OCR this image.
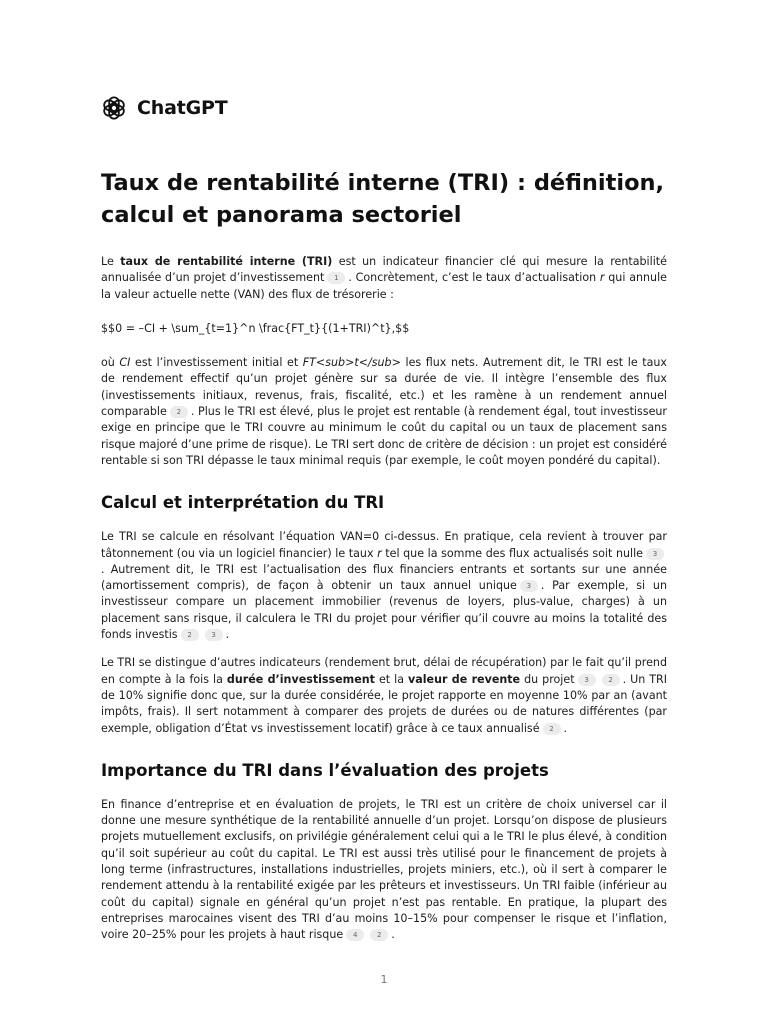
ChatGPT
Taux de rentabilité interne (TRI) : définition, calcul et panorama sectoriel

Le taux de rentabilité interne (TRI) est un indicateur financier clé qui mesure la rentabilité annualisée d’un projet d’investissement 1 . Concrètement, c’est le taux d’actualisation r qui annule la valeur actuelle nette (VAN) des flux de trésorerie :

$$0 = –CI + \sum_{t=1}^n \frac{FT_t}{(1+TRI)^t},$$

où CI est l’investissement initial et FT<sub>t</sub> les flux nets. Autrement dit, le TRI est le taux de rendement effectif qu’un projet génère sur sa durée de vie. Il intègre l’ensemble des flux (investissements initiaux, revenus, frais, fiscalité, etc.) et les ramène à un rendement annuel comparable 2 . Plus le TRI est élevé, plus le projet est rentable (à rendement égal, tout investisseur exige en principe que le TRI couvre au minimum le coût du capital ou un taux de placement sans risque majoré d’une prime de risque). Le TRI sert donc de critère de décision : un projet est considéré rentable si son TRI dépasse le taux minimal requis (par exemple, le coût moyen pondéré du capital).

Calcul et interprétation du TRI

Le TRI se calcule en résolvant l’équation VAN=0 ci-dessus. En pratique, cela revient à trouver par tâtonnement (ou via un logiciel financier) le taux r tel que la somme des flux actualisés soit nulle 3. Autrement dit, le TRI est l’actualisation des flux financiers entrants et sortants sur une année (amortissement compris), de façon à obtenir un taux annuel unique 3 . Par exemple, si un investisseur compare un placement immobilier (revenus de loyers, plus-value, charges) à un placement sans risque, il calculera le TRI du projet pour vérifier qu’il couvre au moins la totalité des fonds investis 2	3 .

Le TRI se distingue d’autres indicateurs (rendement brut, délai de récupération) par le fait qu’il prend en compte à la fois la durée d’investissement et la valeur de revente du projet 3	2 . Un TRI de 10% signifie donc que, sur la durée considérée, le projet rapporte en moyenne 10% par an (avant impôts, frais). Il sert notamment à comparer des projets de durées ou de natures différentes (par exemple, obligation d’État vs investissement locatif) grâce à ce taux annualisé 2 .

Importance du TRI dans l’évaluation des projets

En finance d’entreprise et en évaluation de projets, le TRI est un critère de choix universel car il donne une mesure synthétique de la rentabilité annuelle d’un projet. Lorsqu’on dispose de plusieurs projets mutuellement exclusifs, on privilégie généralement celui qui a le TRI le plus élevé, à condition qu’il soit supérieur au coût du capital. Le TRI est aussi très utilisé pour le financement de projets à long terme (infrastructures, installations industrielles, projets miniers, etc.), où il sert à comparer le rendement attendu à la rentabilité exigée par les prêteurs et investisseurs. Un TRI faible (inférieur au coût du capital) signale en général qu’un projet n’est pas rentable. En pratique, la plupart des entreprises marocaines visent des TRI d’au moins 10–15% pour compenser le risque et l’inflation, voire 20–25% pour les projets à haut risque 4	2 .

1
